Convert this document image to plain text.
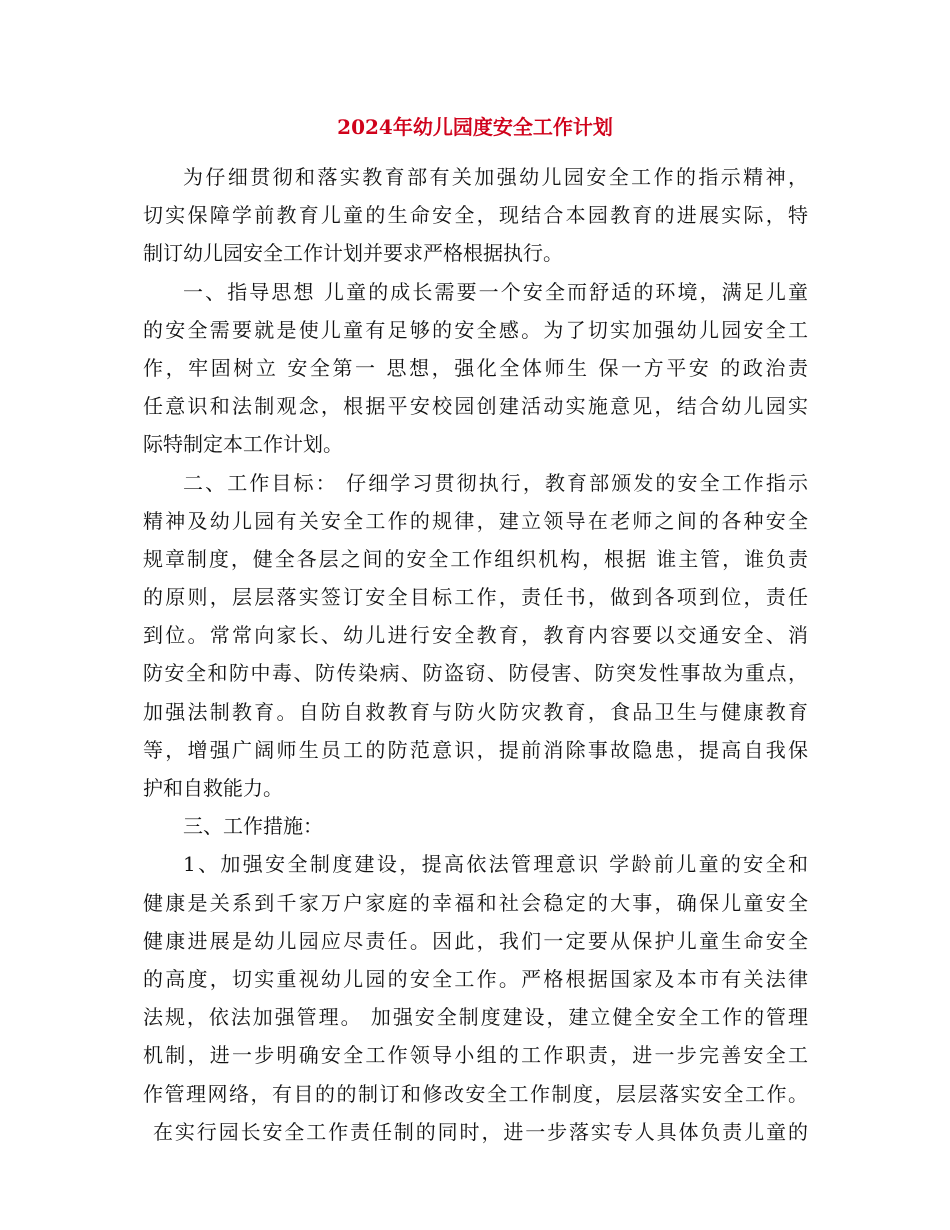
2024年幼儿园度安全工作计划
为仔细贯彻和落实教育部有关加强幼儿园安全工作的指示精神，
切实保障学前教育儿童的生命安全，现结合本园教育的进展实际，特
制订幼儿园安全工作计划并要求严格根据执行。
一、指导思想 儿童的成长需要一个安全而舒适的环境，满足儿童
的安全需要就是使儿童有足够的安全感。为了切实加强幼儿园安全工
作，牢固树立 安全第一 思想，强化全体师生 保一方平安 的政治责
任意识和法制观念，根据平安校园创建活动实施意见，结合幼儿园实
际特制定本工作计划。
二、工作目标： 仔细学习贯彻执行，教育部颁发的安全工作指示
精神及幼儿园有关安全工作的规律，建立领导在老师之间的各种安全
规章制度，健全各层之间的安全工作组织机构，根据 谁主管，谁负责
的原则，层层落实签订安全目标工作，责任书，做到各项到位，责任
到位。常常向家长、幼儿进行安全教育，教育内容要以交通安全、消
防安全和防中毒、防传染病、防盗窃、防侵害、防突发性事故为重点，
加强法制教育。自防自救教育与防火防灾教育，食品卫生与健康教育
等，增强广阔师生员工的防范意识，提前消除事故隐患，提高自我保
护和自救能力。
三、工作措施：
1、加强安全制度建设，提高依法管理意识 学龄前儿童的安全和
健康是关系到千家万户家庭的幸福和社会稳定的大事，确保儿童安全
健康进展是幼儿园应尽责任。因此，我们一定要从保护儿童生命安全
的高度，切实重视幼儿园的安全工作。严格根据国家及本市有关法律
法规，依法加强管理。 加强安全制度建设，建立健全安全工作的管理
机制，进一步明确安全工作领导小组的工作职责，进一步完善安全工
作管理网络，有目的的制订和修改安全工作制度，层层落实安全工作。
在实行园长安全工作责任制的同时，进一步落实专人具体负责儿童的
